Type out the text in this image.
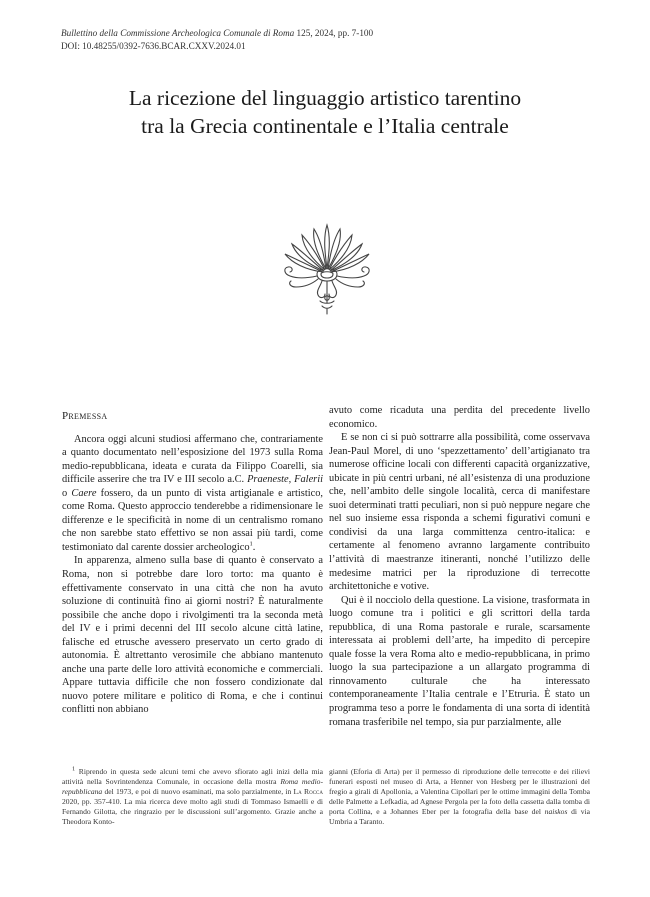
Bullettino della Commissione Archeologica Comunale di Roma 125, 2024, pp. 7-100
DOI: 10.48255/0392-7636.BCAR.CXXV.2024.01
La ricezione del linguaggio artistico tarentino
tra la Grecia continentale e l’Italia centrale
Premessa

Ancora oggi alcuni studiosi affermano che, contrariamente a quanto documentato nell’esposizione del 1973 sulla Roma medio-repubblicana, ideata e curata da Filippo Coarelli, sia difficile asserire che tra IV e III secolo a.C. Praeneste, Falerii o Caere fossero, da un punto di vista artigianale e artistico, come Roma. Questo approccio tenderebbe a ridimensionare le differenze e le specificità in nome di un centralismo romano che non sarebbe stato effettivo se non assai più tardi, come testimoniato dal carente dossier archeologico$^1$.

In apparenza, almeno sulla base di quanto è conservato a Roma, non si potrebbe dare loro torto: ma quanto è effettivamente conservato in una città che non ha avuto soluzione di continuità fino ai giorni nostri? È naturalmente possibile che anche dopo i rivolgimenti tra la seconda metà del IV e i primi decenni del III secolo alcune città latine, falische ed etrusche avessero preservato un certo grado di autonomia. È altrettanto verosimile che abbiano mantenuto anche una parte delle loro attività economiche e commerciali. Appare tuttavia difficile che non fossero condizionate dal nuovo potere militare e politico di Roma, e che i continui conflitti non abbiano

avuto come ricaduta una perdita del precedente livello economico.

E se non ci si può sottrarre alla possibilità, come osservava Jean-Paul Morel, di uno ‘spezzettamento’ dell’artigianato tra numerose officine locali con differenti capacità organizzative, ubicate in più centri urbani, né all’esistenza di una produzione che, nell’ambito delle singole località, cerca di manifestare suoi determinati tratti peculiari, non si può neppure negare che nel suo insieme essa risponda a schemi figurativi comuni e condivisi da una larga committenza centro-italica: e certamente al fenomeno avranno largamente contribuito l’attività di maestranze itineranti, nonché l’utilizzo delle medesime matrici per la riproduzione di terrecotte architettoniche e votive.

Qui è il nocciolo della questione. La visione, trasformata in luogo comune tra i politici e gli scrittori della tarda repubblica, di una Roma pastorale e rurale, scarsamente interessata ai problemi dell’arte, ha impedito di percepire quale fosse la vera Roma alto e medio-repubblicana, in primo luogo la sua partecipazione a un allargato programma di rinnovamento culturale che ha interessato contemporaneamente l’Italia centrale e l’Etruria. È stato un programma teso a porre le fondamenta di una sorta di identità romana trasferibile nel tempo, sia pur parzialmente, alle

$^1$ Riprendo in questa sede alcuni temi che avevo sfiorato agli inizi della mia attività nella Sovrintendenza Comunale, in occasione della mostra Roma medio-repubblicana del 1973, e poi di nuovo esaminati, ma solo parzialmente, in La Rocca 2020, pp. 357-410. La mia ricerca deve molto agli studi di Tommaso Ismaelli e di Fernando Gilotta, che ringrazio per le discussioni sull’argomento. Grazie anche a Theodora Konto-

gianni (Eforia di Arta) per il permesso di riproduzione delle terrecotte e dei rilievi funerari esposti nel museo di Arta, a Henner von Hesberg per le illustrazioni del fregio a girali di Apollonia, a Valentina Cipollari per le ottime immagini della Tomba delle Palmette a Lefkadia, ad Agnese Pergola per la foto della cassetta dalla tomba di porta Collina, e a Johannes Eber per la fotografia della base del naiskos di via Umbria a Taranto.
